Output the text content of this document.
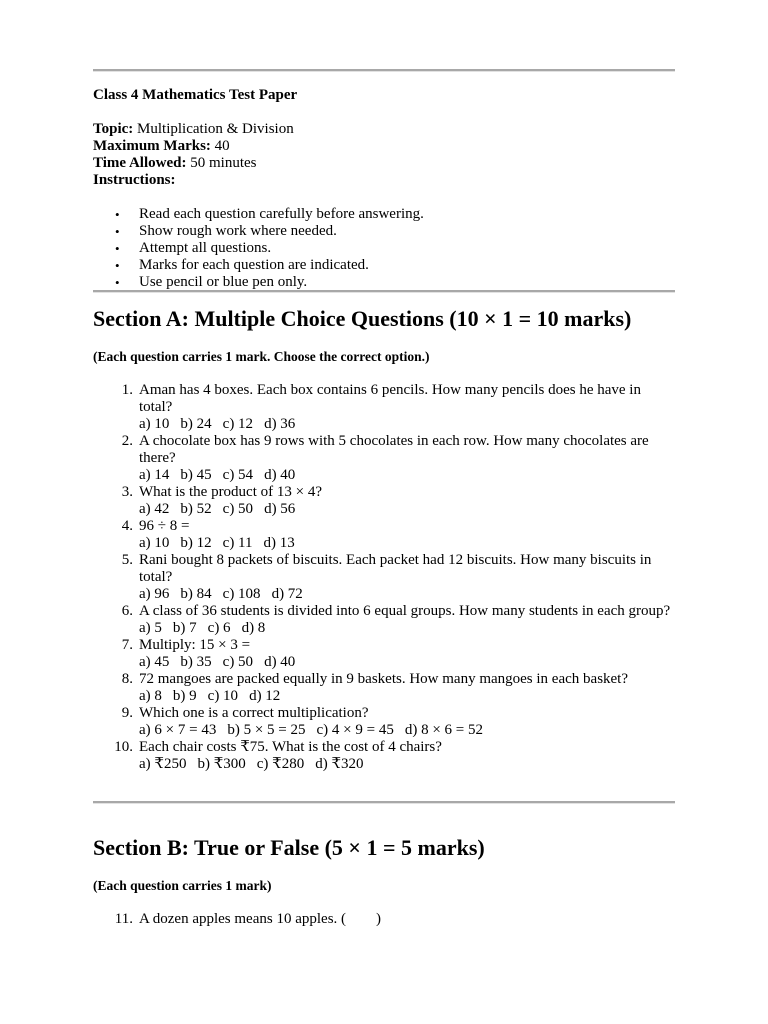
Class 4 Mathematics Test Paper

Topic: Multiplication & Division

Maximum Marks: 40

Time Allowed: 50 minutes

Instructions:

• Read each question carefully before answering.
• Show rough work where needed.
• Attempt all questions.
• Marks for each question are indicated.
• Use pencil or blue pen only.
Section A: Multiple Choice Questions (10 × 1 = 10 marks)

(Each question carries 1 mark. Choose the correct option.)

1. Aman has 4 boxes. Each box contains 6 pencils. How many pencils does he have in total?
a) 10 b) 24 c) 12 d) 36
2. A chocolate box has 9 rows with 5 chocolates in each row. How many chocolates are there?
a) 14 b) 45 c) 54 d) 40
3. What is the product of 13 × 4?
a) 42 b) 52 c) 50 d) 56
4. 96 ÷ 8 =
a) 10 b) 12 c) 11 d) 13
5. Rani bought 8 packets of biscuits. Each packet had 12 biscuits. How many biscuits in total?
a) 96 b) 84 c) 108 d) 72
6. A class of 36 students is divided into 6 equal groups. How many students in each group?
a) 5 b) 7 c) 6 d) 8
7. Multiply: 15 × 3 =
a) 45 b) 35 c) 50 d) 40
8. 72 mangoes are packed equally in 9 baskets. How many mangoes in each basket?
a) 8 b) 9 c) 10 d) 12
9. Which one is a correct multiplication?
a) 6 × 7 = 43 b) 5 × 5 = 25 c) 4 × 9 = 45 d) 8 × 6 = 52
10. Each chair costs ₹75. What is the cost of 4 chairs?
a) ₹250 b) ₹300 c) ₹280 d) ₹320
Section B: True or False (5 × 1 = 5 marks)

(Each question carries 1 mark)

11. A dozen apples means 10 apples. (        )
